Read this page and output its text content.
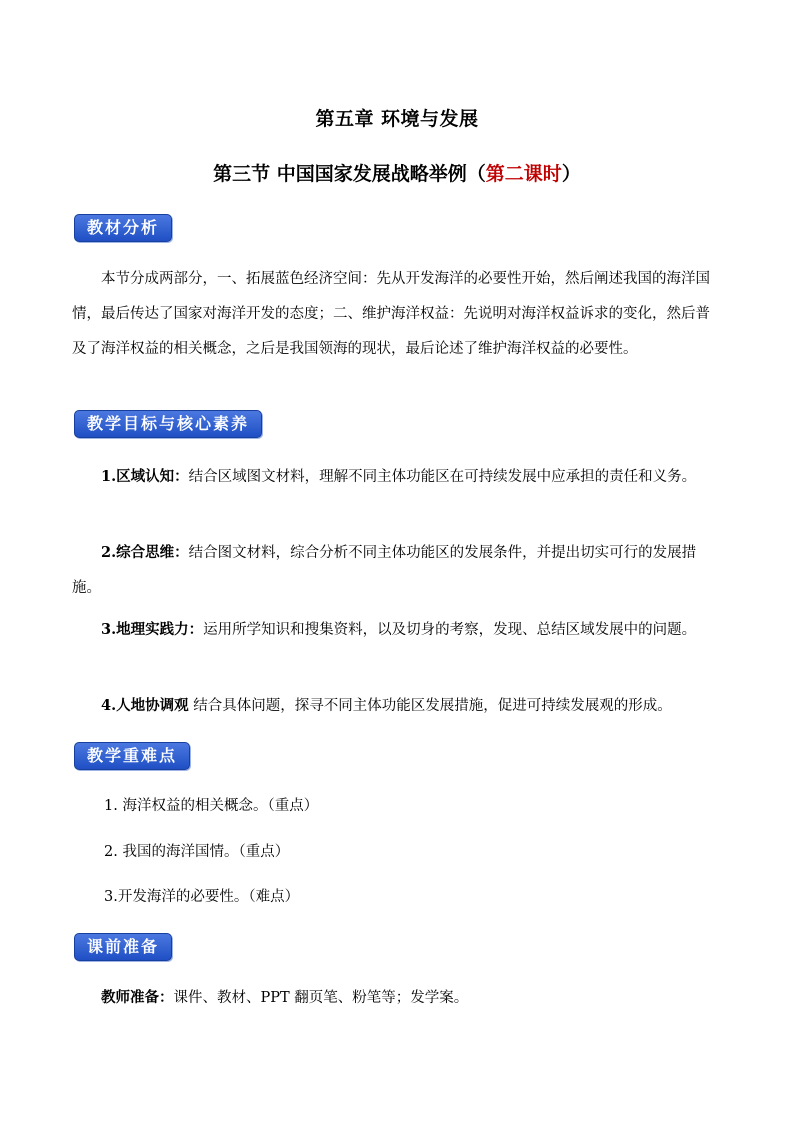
第五章 环境与发展
第三节 中国国家发展战略举例（第二课时）
教材分析
本节分成两部分，一、拓展蓝色经济空间：先从开发海洋的必要性开始，然后阐述我国的海洋国情，最后传达了国家对海洋开发的态度；二、维护海洋权益：先说明对海洋权益诉求的变化，然后普及了海洋权益的相关概念，之后是我国领海的现状，最后论述了维护海洋权益的必要性。
教学目标与核心素养
1.区域认知：结合区域图文材料，理解不同主体功能区在可持续发展中应承担的责任和义务。
2.综合思维：结合图文材料，综合分析不同主体功能区的发展条件，并提出切实可行的发展措施。
3.地理实践力：运用所学知识和搜集资料，以及切身的考察，发现、总结区域发展中的问题。
4.人地协调观 结合具体问题，探寻不同主体功能区发展措施，促进可持续发展观的形成。
教学重难点
1. 海洋权益的相关概念。（重点）
2. 我国的海洋国情。（重点）
3.开发海洋的必要性。（难点）
课前准备
教师准备：课件、教材、PPT 翻页笔、粉笔等；发学案。
